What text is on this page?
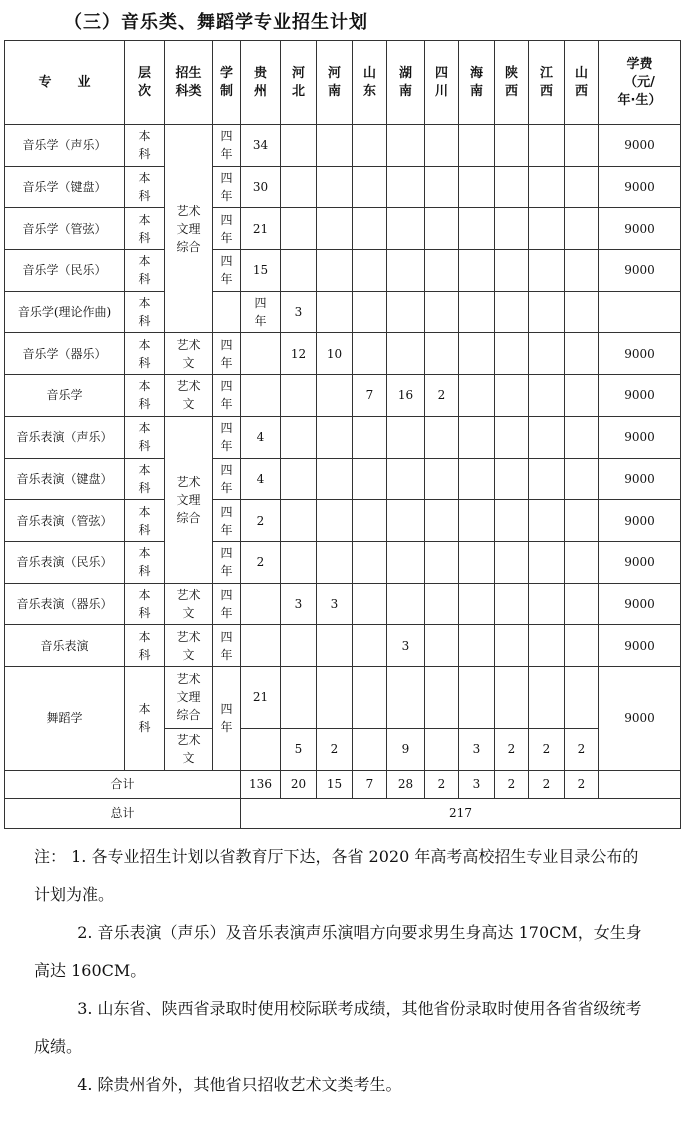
（三）音乐类、舞蹈学专业招生计划
专　　业	层次	招生科类	学制	贵州	河北	河南	山东	湖南	四川	海南	陕西	江西	山西	学费
（元/
年·生）	

音乐学（声乐）	本科	艺术文理综合	四年	34										9000	
音乐学（键盘）	本科		四年	30										9000	
音乐学（管弦）	本科		四年	21										9000	
音乐学（民乐）	本科		四年	15										9000	
音乐学(理论作曲)	本科			四年	3										
音乐学（器乐）	本科	艺术文	四年		12	10								9000	
音乐学	本科	艺术文	四年				7	16	2					9000	
音乐表演（声乐）	本科	艺术文理综合	四年	4										9000	
音乐表演（键盘）	本科		四年	4										9000	
音乐表演（管弦）	本科		四年	2										9000	
音乐表演（民乐）	本科		四年	2										9000	
音乐表演（器乐）	本科	艺术文	四年		3	3								9000	
音乐表演	本科	艺术文	四年					3						9000	
舞蹈学	本科	艺术文理综合	四年	21										9000	
		艺术文			5	2		9		3	2	2	2		
合计				136	20	15	7	28	2	3	2	2	2		
总计				217											

注： 1. 各专业招生计划以省教育厅下达，各省 2020 年高考高校招生专业目录公布的计划为准。

2. 音乐表演（声乐）及音乐表演声乐演唱方向要求男生身高达 170CM，女生身高达 160CM。

3. 山东省、陕西省录取时使用校际联考成绩，其他省份录取时使用各省省级统考成绩。

4. 除贵州省外，其他省只招收艺术文类考生。
